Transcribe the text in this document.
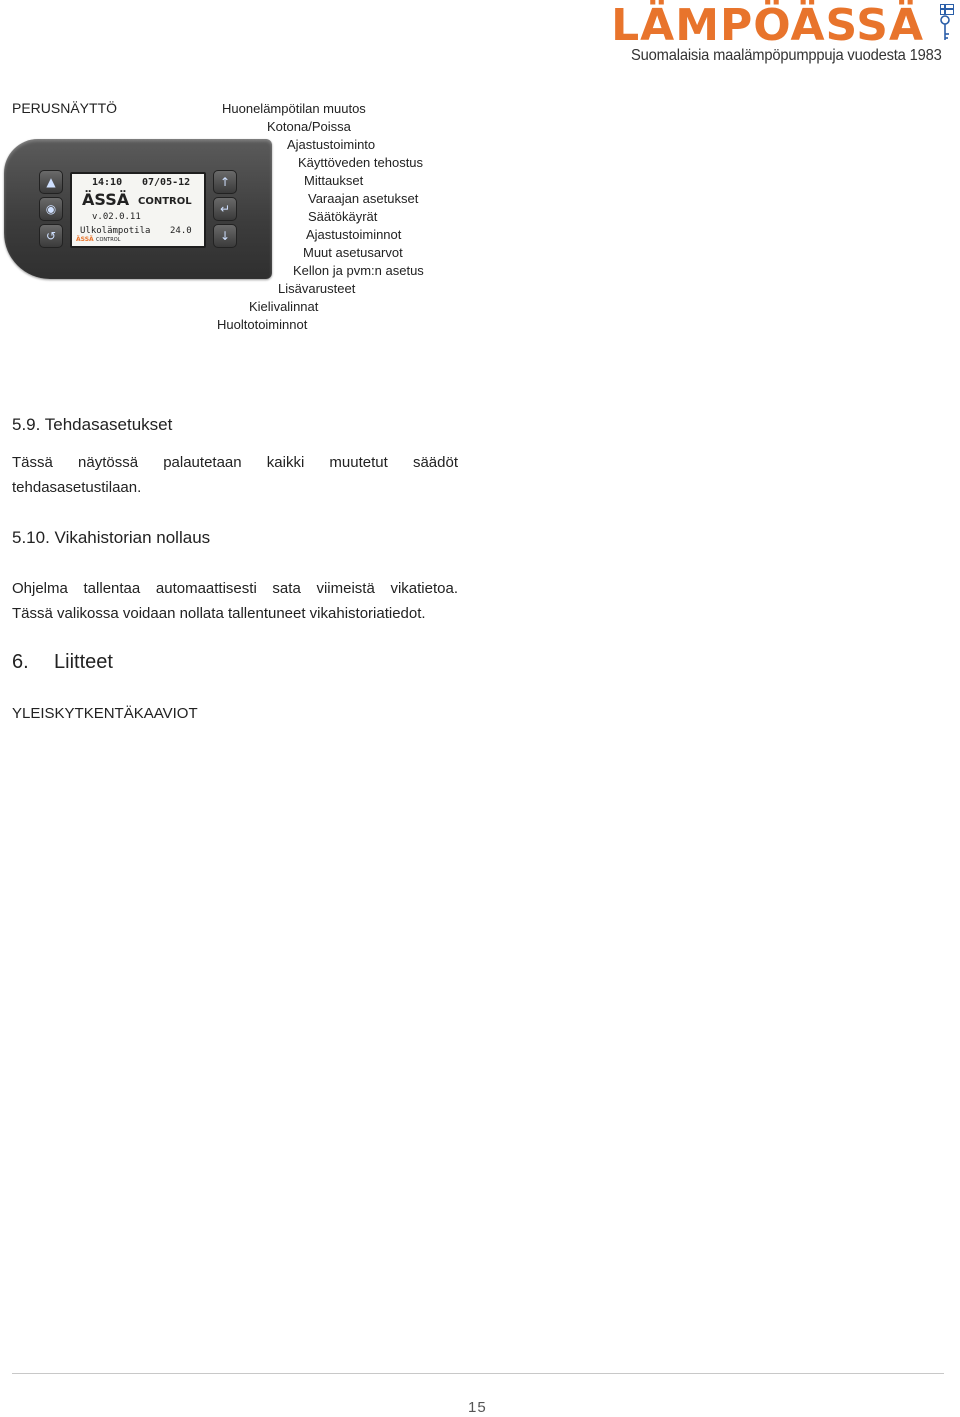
LÄMPÖÄSSÄ
Suomalaisia maalämpöpumppuja vuodesta 1983
PERUSNÄYTTÖ	Huonelämpötilan muutos
Kotona/Poissa
Ajastustoiminto
Käyttöveden tehostus
Mittaukset
Varaajan asetukset
Säätökäyrät
Ajastustoiminnot
Muut asetusarvot
Kellon ja pvm:n asetus
Lisävarusteet
Kielivalinnat
Huoltotoiminnot
▲
◉
↺
↑
↵
↓
14:10 07/05-12
ÄSSÄ CONTROL
v.02.0.11
Ulkolämpotila 24.0
ÄSSÄ CONTROL
5.9. Tehdasasetukset
Tässä näytössä palautetaan kaikki muutetut säädöt
tehdasasetustilaan.
5.10. Vikahistorian nollaus
Ohjelma tallentaa automaattisesti sata viimeistä vikatietoa.
Tässä valikossa voidaan nollata tallentuneet vikahistoriatiedot.
6. Liitteet
YLEISKYTKENTÄKAAVIOT
15
